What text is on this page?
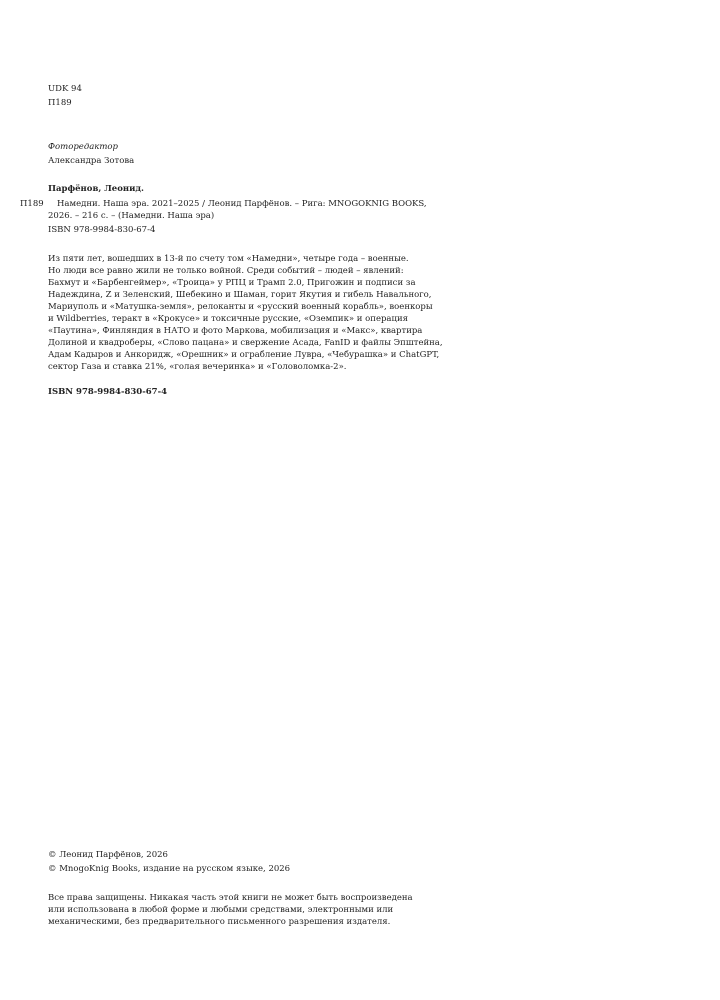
UDK 94
П189
Фоторедактор
Александра Зотова
Парфёнов, Леонид.
П189 Намедни. Наша эра. 2021–2025 / Леонид Парфёнов. – Рига: MNOGOKNIG BOOKS,
2026. – 216 с. – (Намедни. Наша эра)
ISBN 978-9984-830-67-4
Из пяти лет, вошедших в 13-й по счету том «Намедни», четыре года – военные.
Но люди все равно жили не только войной. Среди событий – людей – явлений:
Бахмут и «Барбенгеймер», «Троица» у РПЦ и Трамп 2.0, Пригожин и подписи за
Надеждина, Z и Зеленский, Шебекино и Шаман, горит Якутия и гибель Навального,
Мариуполь и «Матушка-земля», релоканты и «русский военный корабль», военкоры
и Wildberries, теракт в «Крокусе» и токсичные русские, «Оземпик» и операция
«Паутина», Финляндия в НАТО и фото Маркова, мобилизация и «Макс», квартира
Долиной и квадроберы, «Слово пацана» и свержение Асада, FanID и файлы Эпштейна,
Адам Кадыров и Анкоридж, «Орешник» и ограбление Лувра, «Чебурашка» и ChatGPT,
сектор Газа и ставка 21%, «голая вечеринка» и «Головоломка-2».
ISBN 978-9984-830-67-4
© Леонид Парфёнов, 2026
© MnogoKnig Books, издание на русском языке, 2026
Все права защищены. Никакая часть этой книги не может быть воспроизведена
или использована в любой форме и любыми средствами, электронными или
механическими, без предварительного письменного разрешения издателя.
